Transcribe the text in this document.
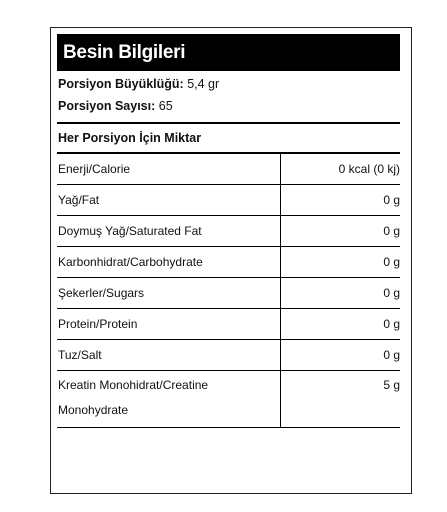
Besin Bilgileri
Porsiyon Büyüklüğü: 5,4 gr
Porsiyon Sayısı: 65
Her Porsiyon İçin Miktar
Enerji/Calorie	0 kcal (0 kj)
Yağ/Fat	0 g
Doymuş Yağ/Saturated Fat	0 g
Karbonhidrat/Carbohydrate	0 g
Şekerler/Sugars	0 g
Protein/Protein	0 g
Tuz/Salt	0 g
Kreatin Monohidrat/Creatine Monohydrate	5 g
